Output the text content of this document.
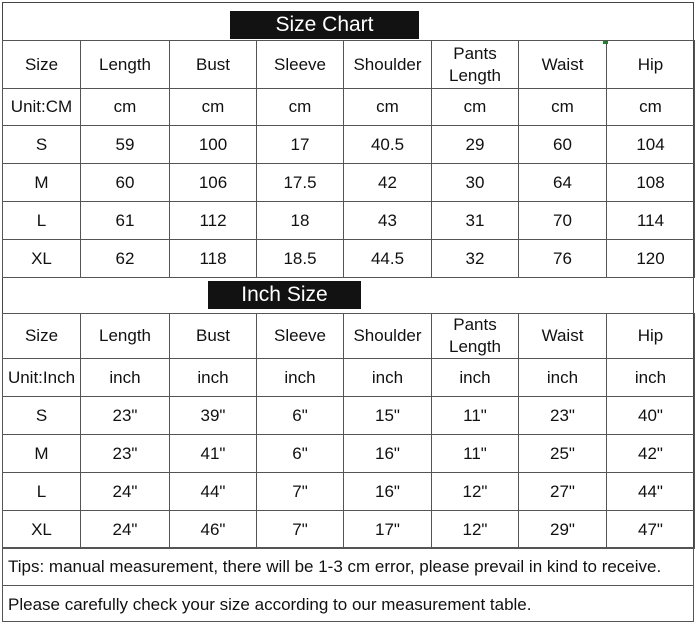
Size Chart
Size	Length	Bust	Sleeve	Shoulder	Pants Length	Waist	Hip
Unit:CM	cm	cm	cm	cm	cm	cm	cm
S	59	100	17	40.5	29	60	104
M	60	106	17.5	42	30	64	108
L	61	112	18	43	31	70	114
XL	62	118	18.5	44.5	32	76	120
Inch Size
Size	Length	Bust	Sleeve	Shoulder	Pants Length	Waist	Hip
Unit:Inch	inch	inch	inch	inch	inch	inch	inch
S	23"	39"	6"	15"	11"	23"	40"
M	23"	41"	6"	16"	11"	25"	42"
L	24"	44"	7"	16"	12"	27"	44"
XL	24"	46"	7"	17"	12"	29"	47"
Tips: manual measurement, there will be 1-3 cm error, please prevail in kind to receive.
Please carefully check your size according to our measurement table.
